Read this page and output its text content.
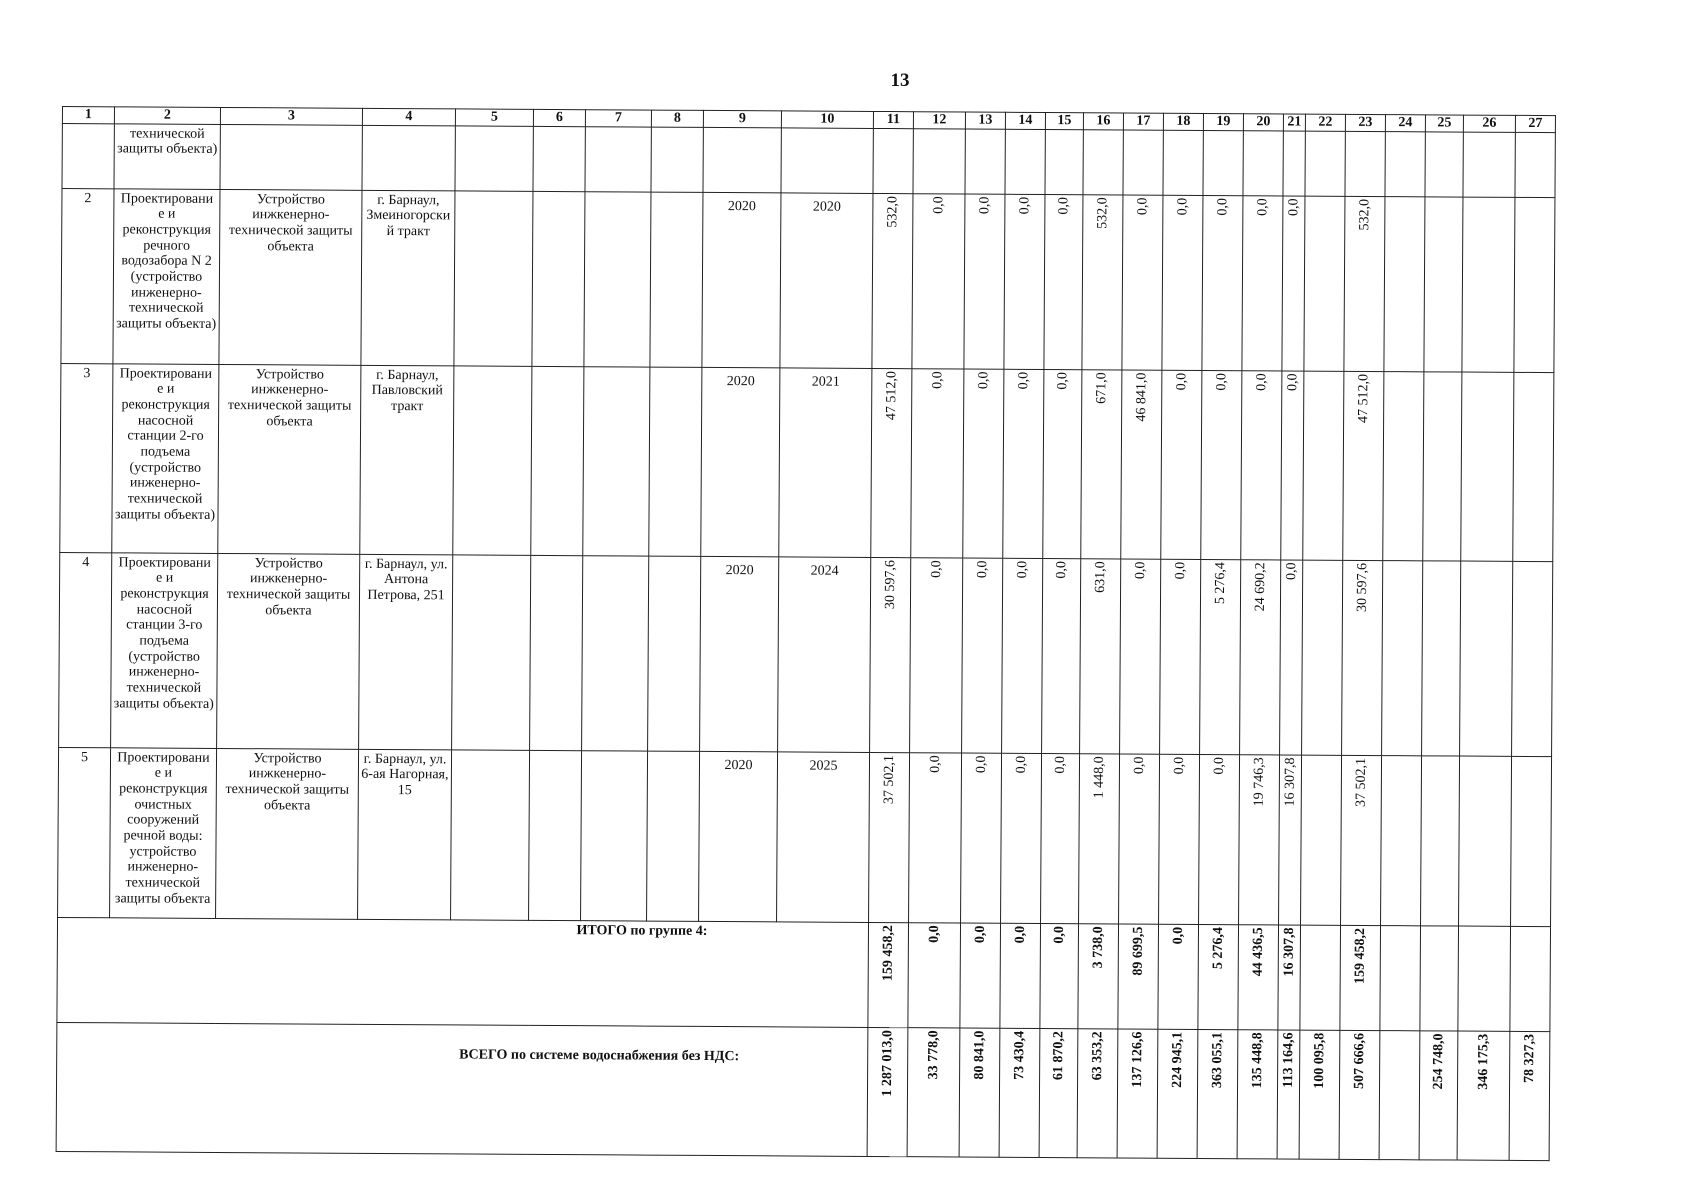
13
1	2	3	4	5	6	7	8	9	10	11	12	13	14	15	16	17	18	19	20	21	22	23	24	25	26	27
	технической защиты объекта)							

2	Проектировани е и реконструкция речного водозабора N 2 (устройство инженерно-технической защиты объекта)	Устройство инжкенерно-технической защиты объекта	г. Барнаул, Змеиногорски й тракт					2020	2020	532,0	0,0	0,0	0,0	0,0	532,0	0,0	0,0	0,0	0,0	0,0		532,0				
3	Проектировани е и реконструкция насосной станции 2-го подъема (устройство инженерно-технической защиты объекта)	Устройство инжкенерно-технической защиты объекта	г. Барнаул, Павловский тракт					2020	2021	47 512,0	0,0	0,0	0,0	0,0	671,0	46 841,0	0,0	0,0	0,0	0,0		47 512,0				
4	Проектировани е и реконструкция насосной станции 3-го подъема (устройство инженерно-технической защиты объекта)	Устройство инжкенерно-технической защиты объекта	г. Барнаул, ул. Антона Петрова, 251					2020	2024	30 597,6	0,0	0,0	0,0	0,0	631,0	0,0	0,0	5 276,4	24 690,2	0,0		30 597,6				
5	Проектировани е и реконструкция очистных сооружений речной воды: устройство инженерно-технической защиты объекта	Устройство инжкенерно-технической защиты объекта	г. Барнаул, ул. 6-ая Нагорная, 15					2020	2025	37 502,1	0,0	0,0	0,0	0,0	1 448,0	0,0	0,0	0,0	19 746,3	16 307,8		37 502,1				
ИТОГО по группе 4:										159 458,2	0,0	0,0	0,0	0,0	3 738,0	89 699,5	0,0	5 276,4	44 436,5	16 307,8		159 458,2				
ВСЕГО по системе водоснабжения без НДС:										1 287 013,0	33 778,0	80 841,0	73 430,4	61 870,2	63 353,2	137 126,6	224 945,1	363 055,1	135 448,8	113 164,6	100 095,8	507 666,6		254 748,0	346 175,3	78 327,3
